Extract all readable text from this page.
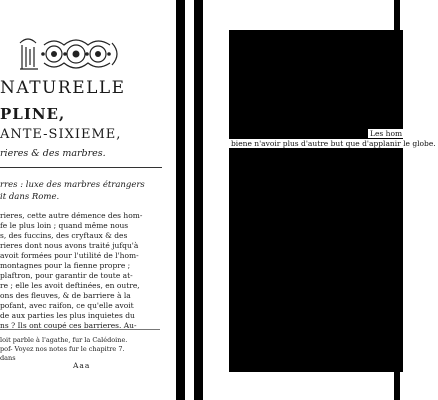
NATURELLE
PLINE,
ANTE-SIXIEME,
rieres & des marbres.
rres : luxe des marbres étrangers
it dans Rome.
rieres, cette autre démence des hom-
fe le plus loin ; quand même nous
s, des fuccins, des cryftaux & des
rieres dont nous avons traité jufqu'à
avoit formées pour l'utilité de l'hom-
montagnes pour la fienne propre ;
plaftron, pour garantir de toute at-
re ; elle les avoit deftinées, en outre,
ons des fleuves, & de barriere à la
pofant, avec raifon, ce qu'elle avoit
de aux parties les plus inquietes du
ns ? Ils ont coupé ces barrieres. Au-
loit parble à l'agathe, fur la Calédoine.
pof- Voyez nos notes fur le chapitre 7.
dans
Aaa
Les hom
biene n'avoir plus d'autre but que d'applanir le globe.
